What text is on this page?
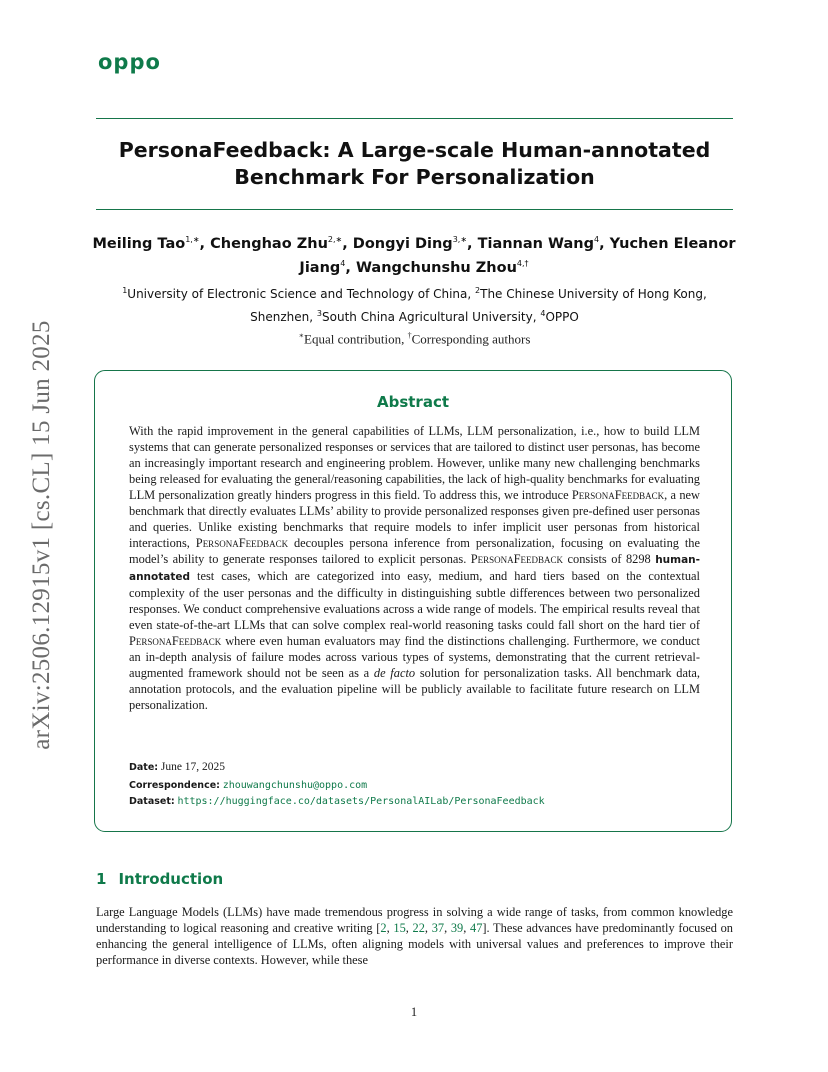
oppo
PersonaFeedback: A Large-scale Human-annotated
Benchmark For Personalization
Meiling Tao$^{1,∗}$, Chenghao Zhu$^{2,∗}$, Dongyi Ding$^{3,∗}$, Tiannan Wang$^4$, Yuchen Eleanor Jiang$^4$, Wangchunshu Zhou$^{4,\dagger}$
$^1$University of Electronic Science and Technology of China, $^2$The Chinese University of Hong Kong, Shenzhen, $^3$South China Agricultural University, $^4$OPPO
∗Equal contribution, †Corresponding authors
Abstract
With the rapid improvement in the general capabilities of LLMs, LLM personalization, i.e., how to build LLM systems that can generate personalized responses or services that are tailored to distinct user personas, has become an increasingly important research and engineering problem. However, unlike many new challenging benchmarks being released for evaluating the general/reasoning capabilities, the lack of high-quality benchmarks for evaluating LLM personalization greatly hinders progress in this field. To address this, we introduce PersonaFeedback, a new benchmark that directly evaluates LLMs’ ability to provide personalized responses given pre-defined user personas and queries. Unlike existing benchmarks that require models to infer implicit user personas from historical interactions, PersonaFeedback decouples persona inference from personalization, focusing on evaluating the model’s ability to generate responses tailored to explicit personas. PersonaFeedback consists of 8298 human-annotated test cases, which are categorized into easy, medium, and hard tiers based on the contextual complexity of the user personas and the difficulty in distinguishing subtle differences between two personalized responses. We conduct comprehensive evaluations across a wide range of models. The empirical results reveal that even state-of-the-art LLMs that can solve complex real-world reasoning tasks could fall short on the hard tier of PersonaFeedback where even human evaluators may find the distinctions challenging. Furthermore, we conduct an in-depth analysis of failure modes across various types of systems, demonstrating that the current retrieval-augmented framework should not be seen as a de facto solution for personalization tasks. All benchmark data, annotation protocols, and the evaluation pipeline will be publicly available to facilitate future research on LLM personalization.
Date: June 17, 2025
Correspondence: zhouwangchunshu@oppo.com
Dataset: https://huggingface.co/datasets/PersonalAILab/PersonaFeedback
1 Introduction
Large Language Models (LLMs) have made tremendous progress in solving a wide range of tasks, from common knowledge understanding to logical reasoning and creative writing [2, 15, 22, 37, 39, 47]. These advances have predominantly focused on enhancing the general intelligence of LLMs, often aligning models with universal values and preferences to improve their performance in diverse contexts. However, while these
1
arXiv:2506.12915v1 [cs.CL] 15 Jun 2025
